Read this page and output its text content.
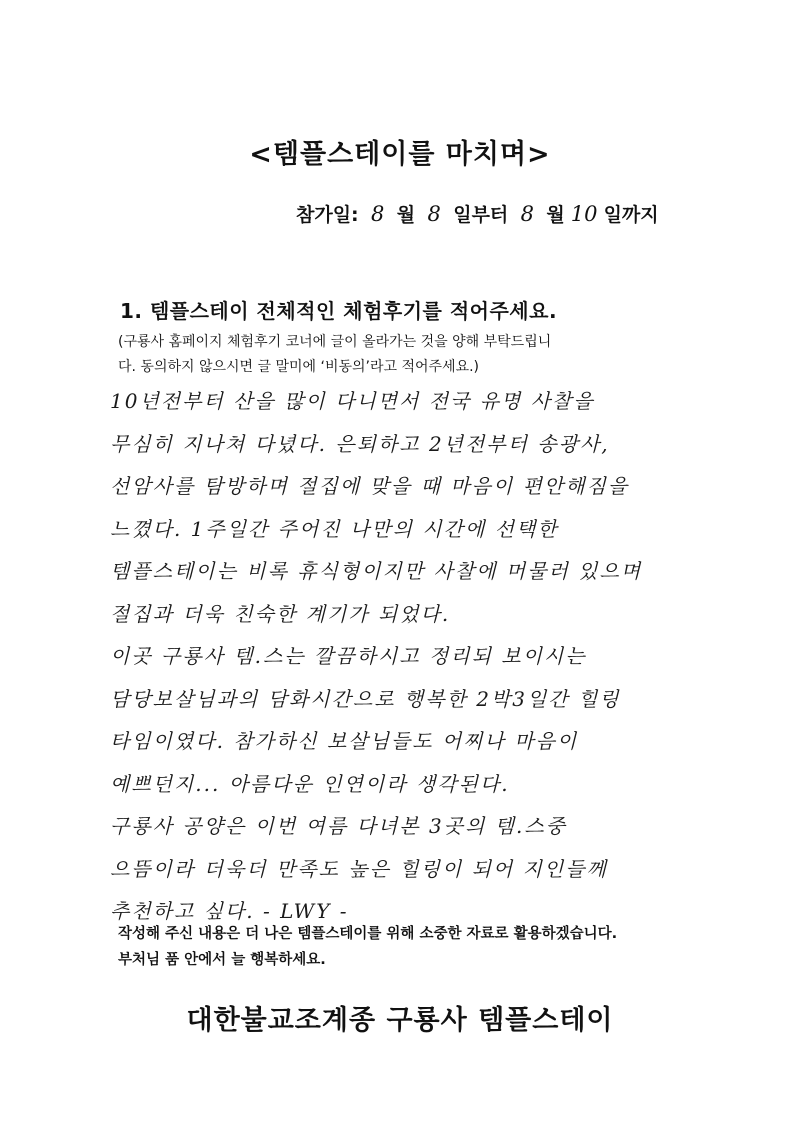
<템플스테이를 마치며>
참가일: 8 월 8 일부터 8 월 10 일까지
1. 템플스테이 전체적인 체험후기를 적어주세요.
(구룡사 홈페이지 체험후기 코너에 글이 올라가는 것을 양해 부탁드립니
다. 동의하지 않으시면 글 말미에 ‘비동의’라고 적어주세요.)
10년전부터 산을 많이 다니면서 전국 유명 사찰을
무심히 지나쳐 다녔다. 은퇴하고 2년전부터 송광사,
선암사를 탐방하며 절집에 맞을 때 마음이 편안해짐을
느꼈다. 1주일간 주어진 나만의 시간에 선택한
템플스테이는 비록 휴식형이지만 사찰에 머물러 있으며
절집과 더욱 친숙한 계기가 되었다.
이곳 구룡사 템.스는 깔끔하시고 정리되 보이시는
담당보살님과의 담화시간으로 행복한 2박3일간 힐링
타임이였다. 참가하신 보살님들도 어찌나 마음이
예쁘던지... 아름다운 인연이라 생각된다.
구룡사 공양은 이번 여름 다녀본 3곳의 템.스중
으뜸이라 더욱더 만족도 높은 힐링이 되어 지인들께
추천하고 싶다. - LWY -
작성해 주신 내용은 더 나은 템플스테이를 위해 소중한 자료로 활용하겠습니다.
부처님 품 안에서 늘 행복하세요.
대한불교조계종 구룡사 템플스테이
